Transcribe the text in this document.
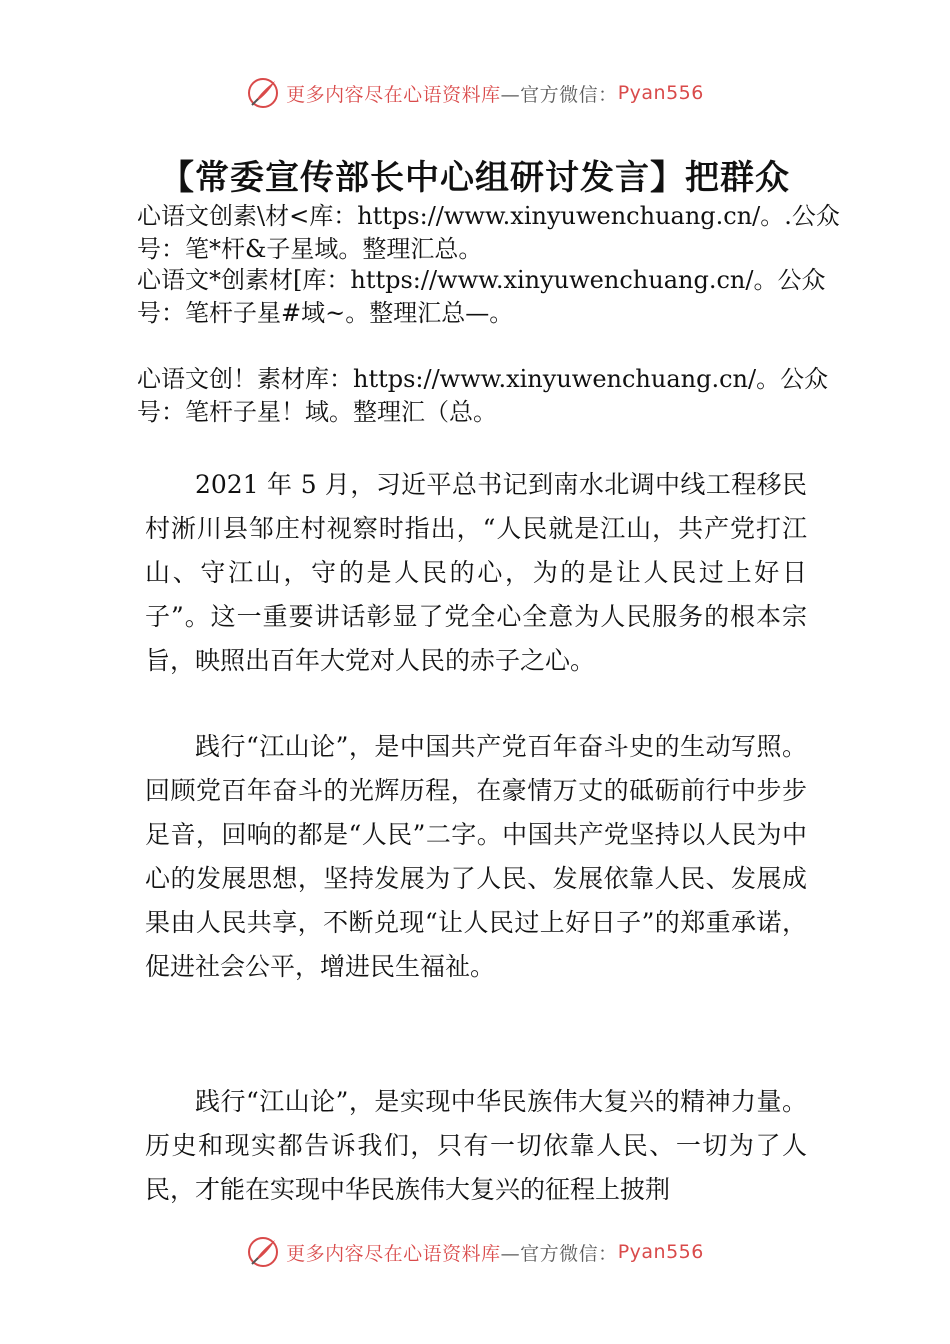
更多内容尽在心语资料库 —官方微信： Pyan556
【常委宣传部长中心组研讨发言】把群众
心语文创素\材<库：https://www.xinyuwenchuang.cn/。.公众号：笔*杆&子星域。整理汇总。
心语文*创素材[库：https://www.xinyuwenchuang.cn/。公众号：笔杆子星#域~。整理汇总—。
心语文创！素材库：https://www.xinyuwenchuang.cn/。公众号：笔杆子星！域。整理汇（总。
2021 年 5 月，习近平总书记到南水北调中线工程移民村淅川县邹庄村视察时指出，“人民就是江山，共产党打江山、守江山，守的是人民的心，为的是让人民过上好日子”。这一重要讲话彰显了党全心全意为人民服务的根本宗旨，映照出百年大党对人民的赤子之心。
践行“江山论”，是中国共产党百年奋斗史的生动写照。回顾党百年奋斗的光辉历程，在豪情万丈的砥砺前行中步步足音，回响的都是“人民”二字。中国共产党坚持以人民为中心的发展思想，坚持发展为了人民、发展依靠人民、发展成果由人民共享，不断兑现“让人民过上好日子”的郑重承诺，促进社会公平，增进民生福祉。
践行“江山论”，是实现中华民族伟大复兴的精神力量。历史和现实都告诉我们，只有一切依靠人民、一切为了人民，才能在实现中华民族伟大复兴的征程上披荆
更多内容尽在心语资料库 —官方微信： Pyan556
